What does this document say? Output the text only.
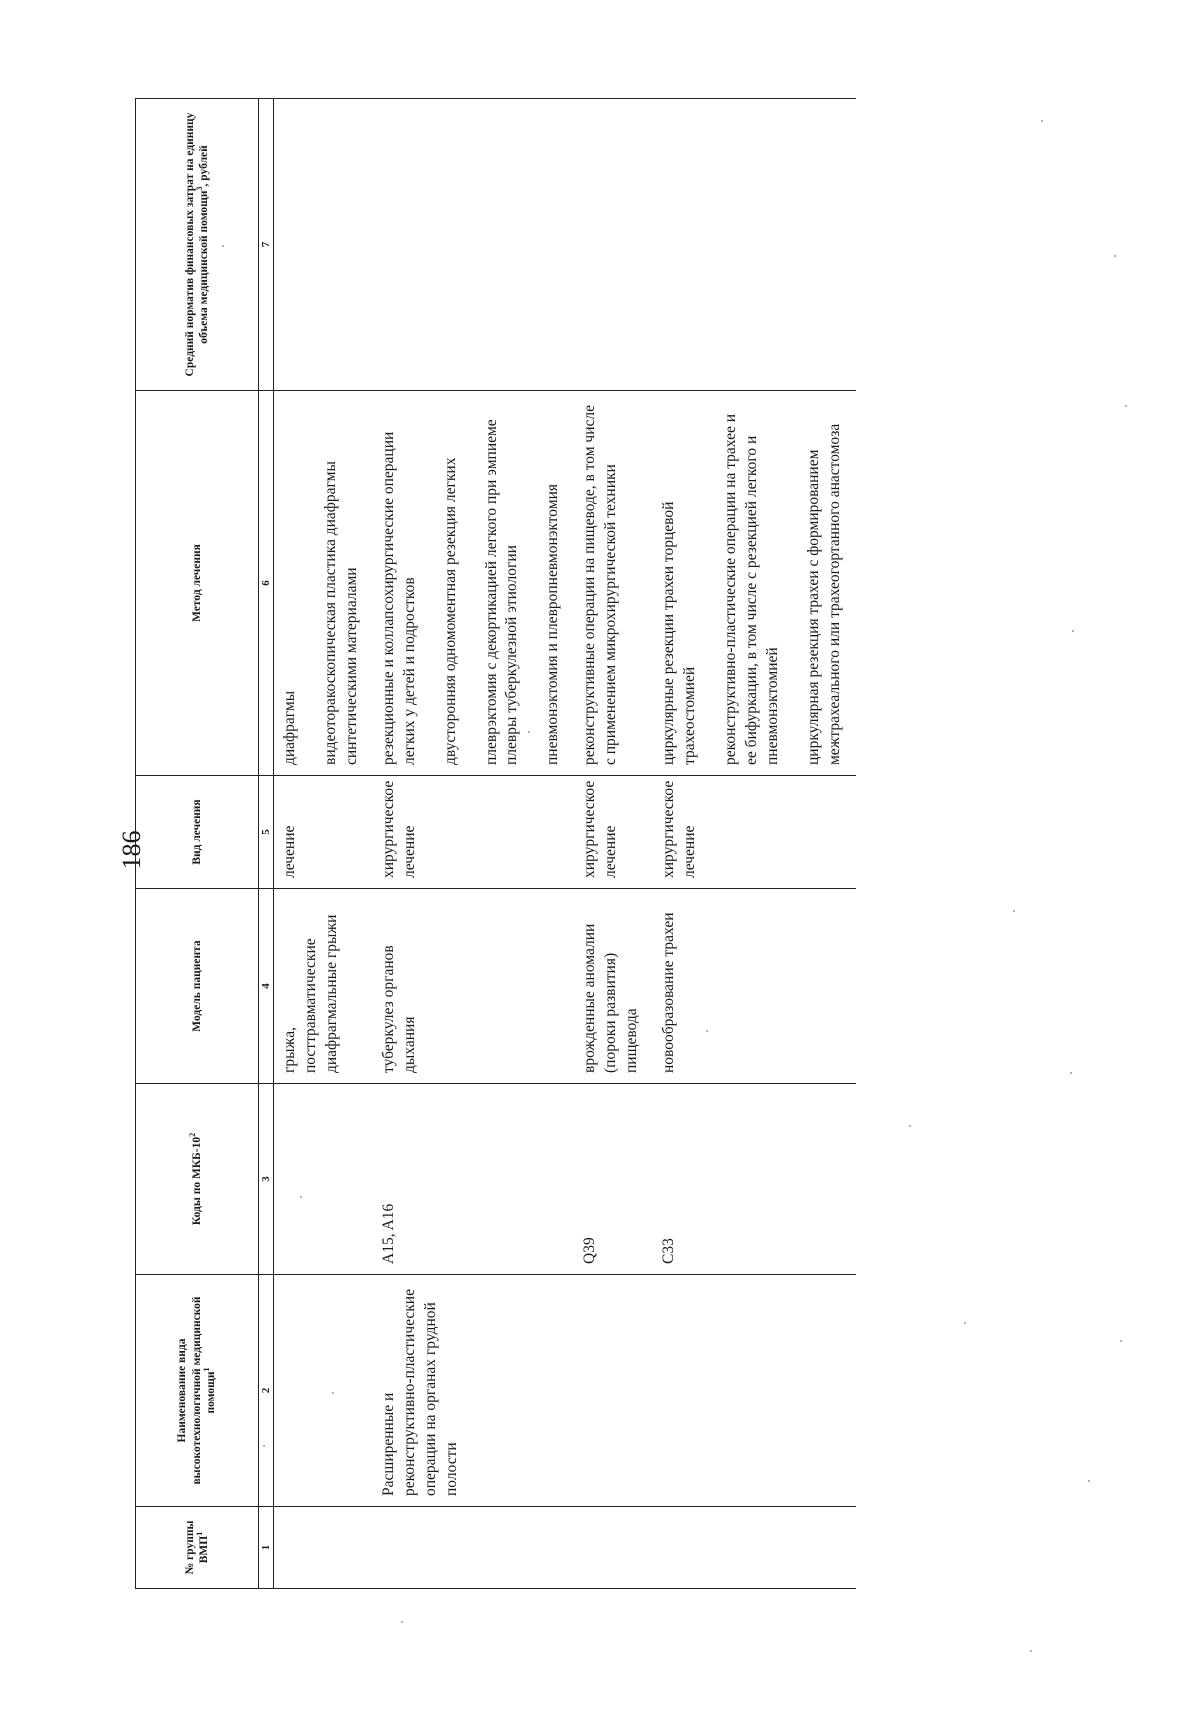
186
№ группы ВМП$^1$	Наименование вида высокотехнологичной медицинской помощи$^1$	Коды по МКБ-$10^2$	Модель пациента	Вид лечения	Метод лечения	Средний норматив финансовых затрат на единицу объема медицинской помощи$^3$, рублей
1	2	3	4	5	6	7

			грыжа, посттравматические диафрагмальные грыжи	лечение	диафрагмы видеоторакоскопическая пластика диафрагмы синтетическими материалами	

	Расширенные и реконструктивно-пластические операции на органах грудной полости	A15, A16	туберкулез органов дыхания	хирургическое лечение	резекционные и коллапсохирургические операции легких у детей и подростков двусторонняя одномоментная резекция легких плеврэктомия с декортикацией легкого при эмпиеме плевры туберкулезной этиологии пневмонэктомия и плевропневмонэктомия	

		Q39	врожденные аномалии (пороки развития) пищевода	хирургическое лечение	реконструктивные операции на пищеводе, в том числе с применением микрохирургической техники	

		C33	новообразование трахеи	хирургическое лечение	циркулярные резекции трахеи торцевой трахеостомией реконструктивно-пластические операции на трахее и ее бифуркации, в том числе с резекцией легкого и пневмонэктомией циркулярная резекция трахеи с формированием межтрахеального или трахеогортанного анастомоза	
